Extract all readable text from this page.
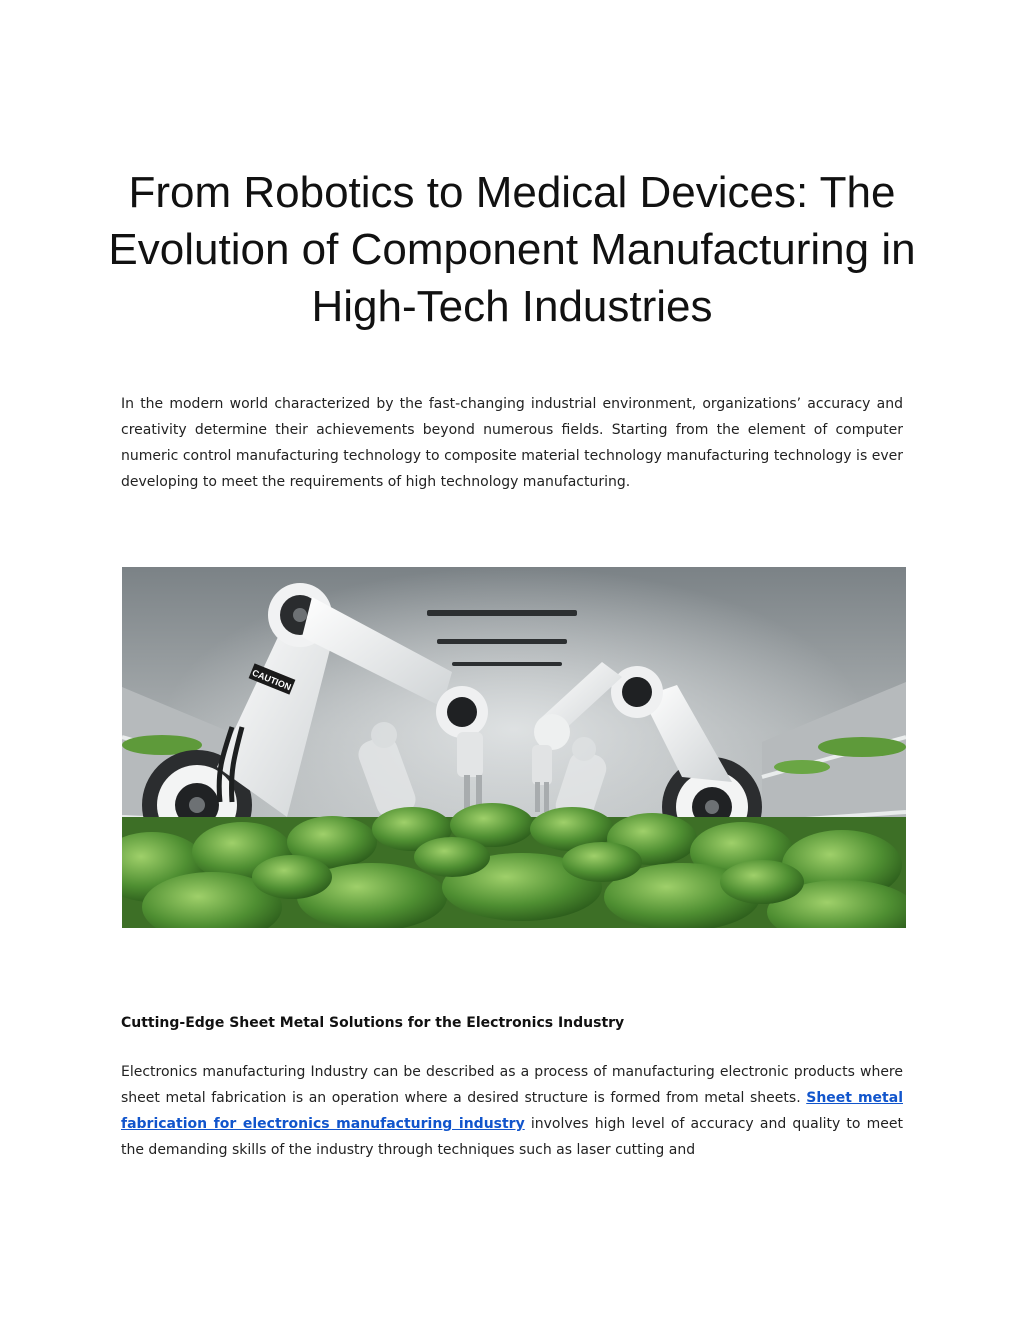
From Robotics to Medical Devices: The Evolution of Component Manufacturing in High-Tech Industries

In the modern world characterized by the fast-changing industrial environment, organizations’ accuracy and creativity determine their achievements beyond numerous fields. Starting from the element of computer numeric control manufacturing technology to composite material technology manufacturing technology is ever developing to meet the requirements of high technology manufacturing.

CAUTION
Cutting-Edge Sheet Metal Solutions for the Electronics Industry

Electronics manufacturing Industry can be described as a process of manufacturing electronic products where sheet metal fabrication is an operation where a desired structure is formed from metal sheets. Sheet metal fabrication for electronics manufacturing industry involves high level of accuracy and quality to meet the demanding skills of the industry through techniques such as laser cutting and
